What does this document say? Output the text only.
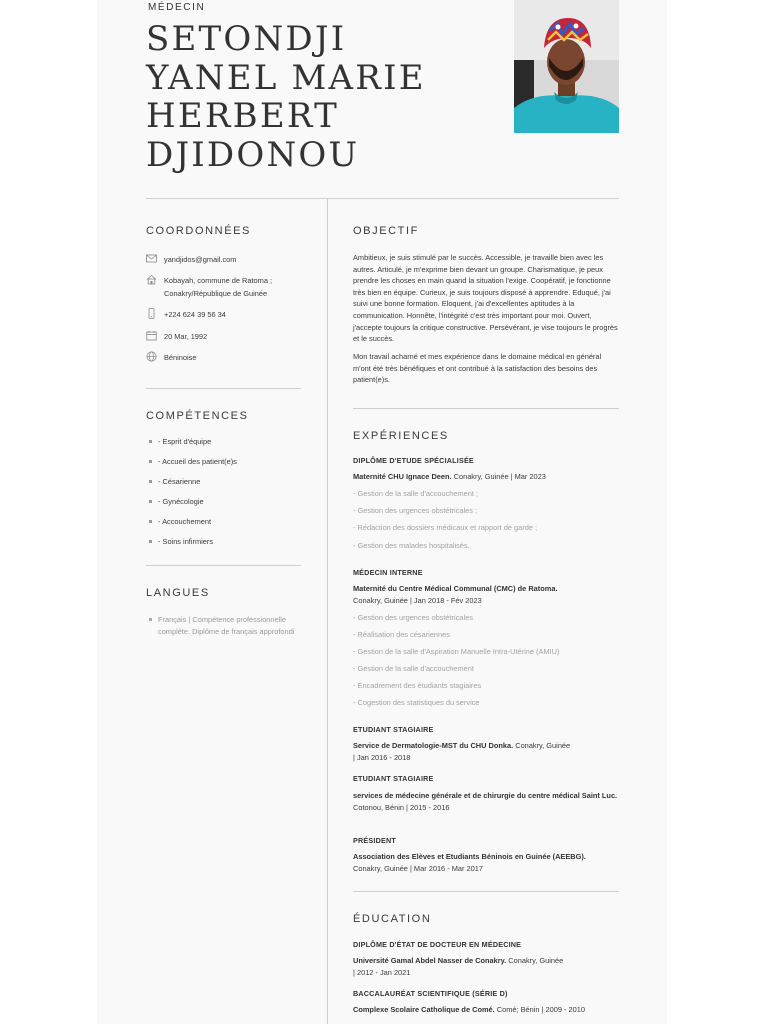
MÉDECIN
SETONDJI
YANEL MARIE
HERBERT
DJIDONOU
COORDONNÉES
yandjidos@gmail.com
Kobayah, commune de Ratoma ; Conakry/République de Guinée
+224 624 39 56 34
20 Mar, 1992
Béninoise
COMPÉTENCES
- Esprit d'équipe
- Accueil des patient(e)s
- Césarienne
- Gynécologie
- Accouchement
- Soins infirmiers
LANGUES
Français | Compétence professionnelle complète. Diplôme de français approfondi
OBJECTIF
Ambitieux, je suis stimulé par le succès. Accessible, je travaille bien avec les autres. Articulé, je m'exprime bien devant un groupe. Charismatique, je peux prendre les choses en main quand la situation l'exige. Coopératif, je fonctionne très bien en équipe. Curieux, je suis toujours disposé à apprendre. Eduqué, j'ai suivi une bonne formation. Eloquent, j'ai d'excellentes aptitudes à la communication. Honnête, l'intégrité c'est très important pour moi. Ouvert, j'accepte toujours la critique constructive. Persévérant, je vise toujours le progrès et le succès.
Mon travail acharné et mes expérience dans le domaine médical en général m'ont été très bénéfiques et ont contribué à la satisfaction des besoins des patient(e)s.
EXPÉRIENCES
DIPLÔME D'ETUDE SPÉCIALISÉE
Maternité CHU Ignace Deen. Conakry, Guinée | Mar 2023
- Gestion de la salle d'accouchement ;
- Gestion des urgences obstétricales ;
- Rédaction des dossiers médicaux et rapport de garde ;
- Gestion des malades hospitalisés.
MÉDECIN INTERNE
Maternité du Centre Médical Communal (CMC) de Ratoma.
Conakry, Guinée | Jan 2018 - Fév 2023
- Gestion des urgences obstétricales
- Réalisation des césariennes
- Gestion de la salle d'Aspiration Manuelle Intra-Utérine (AMIU)
- Gestion de la salle d'accouchement
- Encadrement des étudiants stagiaires
- Cogestion des statistiques du service
ETUDIANT STAGIAIRE
Service de Dermatologie-MST du CHU Donka. Conakry, Guinée
| Jan 2016 - 2018
ETUDIANT STAGIAIRE
services de médecine générale et de chirurgie du centre médical Saint Luc.
Cotonou, Bénin | 2015 - 2016
PRÉSIDENT
Association des Elèves et Etudiants Béninois en Guinée (AEEBG).
Conakry, Guinée | Mar 2016 - Mar 2017
ÉDUCATION
DIPLÔME D'ÉTAT DE DOCTEUR EN MÉDECINE
Université Gamal Abdel Nasser de Conakry. Conakry, Guinée
| 2012 - Jan 2021
BACCALAURÉAT SCIENTIFIQUE (SÉRIE D)
Complexe Scolaire Catholique de Comé. Comé; Bénin | 2009 - 2010
